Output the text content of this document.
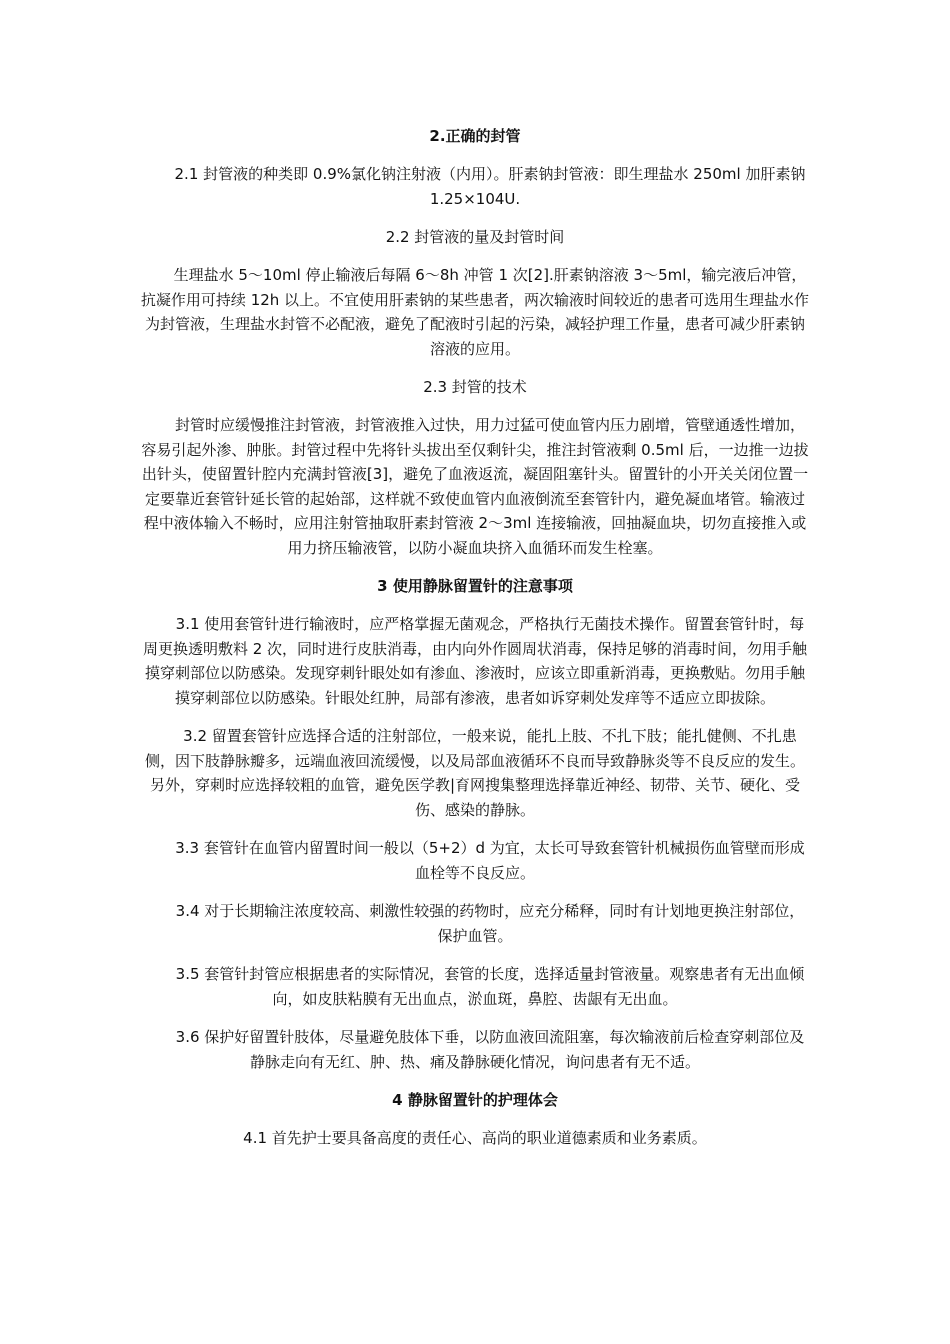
2.正确的封管
2.1 封管液的种类即 0.9%氯化钠注射液（内用）。肝素钠封管液：即生理盐水 250ml 加肝素钠 1.25×104U.
2.2 封管液的量及封管时间
生理盐水 5～10ml 停止输液后每隔 6～8h 冲管 1 次[2].肝素钠溶液 3～5ml，输完液后冲管，抗凝作用可持续 12h 以上。不宜使用肝素钠的某些患者，两次输液时间较近的患者可选用生理盐水作为封管液，生理盐水封管不必配液，避免了配液时引起的污染，减轻护理工作量，患者可减少肝素钠溶液的应用。
2.3 封管的技术
封管时应缓慢推注封管液，封管液推入过快，用力过猛可使血管内压力剧增，管壁通透性增加，容易引起外渗、肿胀。封管过程中先将针头拔出至仅剩针尖，推注封管液剩 0.5ml 后，一边推一边拔出针头，使留置针腔内充满封管液[3]，避免了血液返流，凝固阻塞针头。留置针的小开关关闭位置一定要靠近套管针延长管的起始部，这样就不致使血管内血液倒流至套管针内，避免凝血堵管。输液过程中液体输入不畅时，应用注射管抽取肝素封管液 2～3ml 连接输液，回抽凝血块，切勿直接推入或用力挤压输液管，以防小凝血块挤入血循环而发生栓塞。
3 使用静脉留置针的注意事项
3.1 使用套管针进行输液时，应严格掌握无菌观念，严格执行无菌技术操作。留置套管针时，每周更换透明敷料 2 次，同时进行皮肤消毒，由内向外作圆周状消毒，保持足够的消毒时间，勿用手触摸穿刺部位以防感染。发现穿刺针眼处如有渗血、渗液时，应该立即重新消毒，更换敷贴。勿用手触摸穿刺部位以防感染。针眼处红肿，局部有渗液，患者如诉穿刺处发痒等不适应立即拔除。
3.2 留置套管针应选择合适的注射部位，一般来说，能扎上肢、不扎下肢；能扎健侧、不扎患侧，因下肢静脉瓣多，远端血液回流缓慢，以及局部血液循环不良而导致静脉炎等不良反应的发生。另外，穿刺时应选择较粗的血管，避免医学教|育网搜集整理选择靠近神经、韧带、关节、硬化、受伤、感染的静脉。
3.3 套管针在血管内留置时间一般以（5+2）d 为宜，太长可导致套管针机械损伤血管壁而形成血栓等不良反应。
3.4 对于长期输注浓度较高、刺激性较强的药物时，应充分稀释，同时有计划地更换注射部位，保护血管。
3.5 套管针封管应根据患者的实际情况，套管的长度，选择适量封管液量。观察患者有无出血倾向，如皮肤粘膜有无出血点，淤血斑，鼻腔、齿龈有无出血。
3.6 保护好留置针肢体，尽量避免肢体下垂，以防血液回流阻塞，每次输液前后检查穿刺部位及静脉走向有无红、肿、热、痛及静脉硬化情况，询问患者有无不适。
4 静脉留置针的护理体会
4.1 首先护士要具备高度的责任心、高尚的职业道德素质和业务素质。
